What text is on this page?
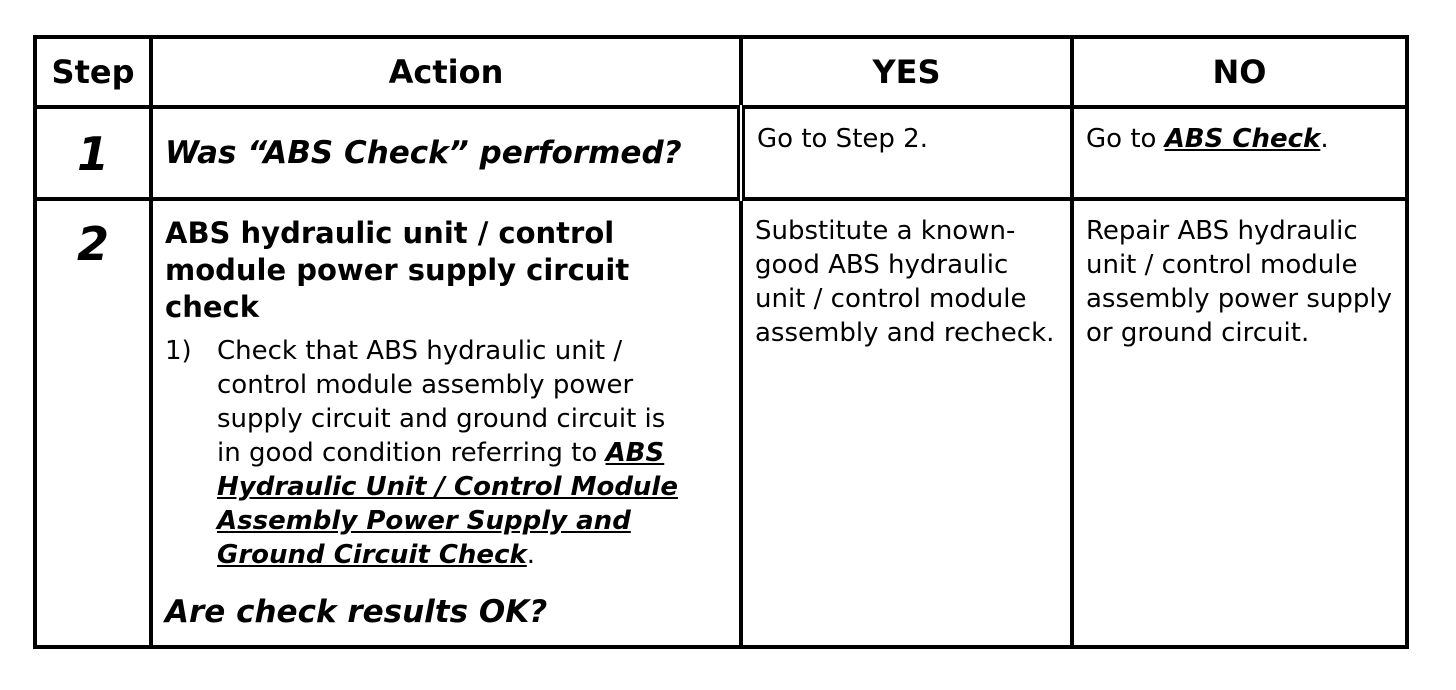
Step	Action	YES	NO

1	Was “ABS Check” performed?	Go to Step 2.	Go to ABS Check.

2	ABS hydraulic unit / control module power supply circuit check
1) Check that ABS hydraulic unit / control module assembly power supply circuit and ground circuit is in good condition referring to ABS Hydraulic Unit / Control Module Assembly Power Supply and Ground Circuit Check.
Are check results OK?	Substitute a known-good ABS hydraulic unit / control module assembly and recheck.	Repair ABS hydraulic unit / control module assembly power supply or ground circuit.
